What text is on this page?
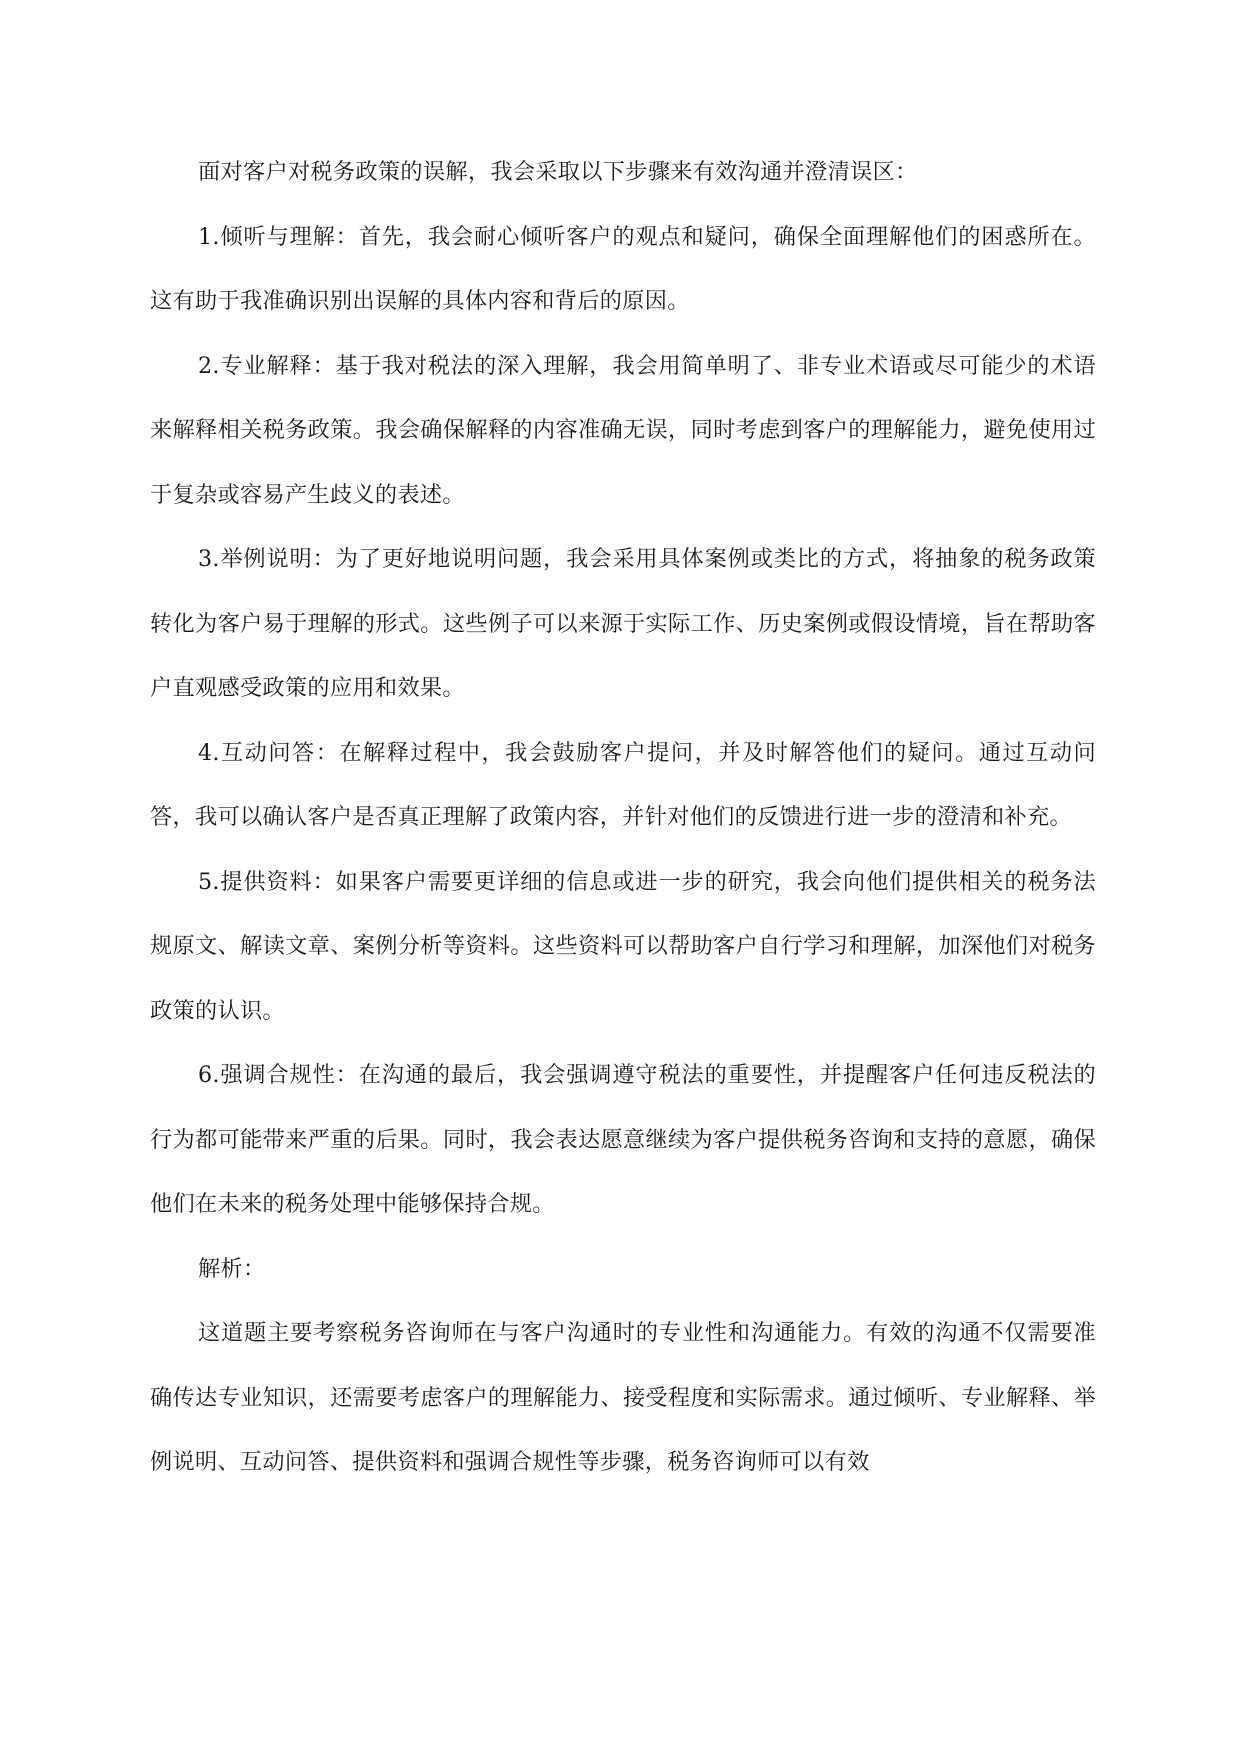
面对客户对税务政策的误解，我会采取以下步骤来有效沟通并澄清误区：

1.倾听与理解：首先，我会耐心倾听客户的观点和疑问，确保全面理解他们的困惑所在。这有助于我准确识别出误解的具体内容和背后的原因。

2.专业解释：基于我对税法的深入理解，我会用简单明了、非专业术语或尽可能少的术语来解释相关税务政策。我会确保解释的内容准确无误，同时考虑到客户的理解能力，避免使用过于复杂或容易产生歧义的表述。

3.举例说明：为了更好地说明问题，我会采用具体案例或类比的方式，将抽象的税务政策转化为客户易于理解的形式。这些例子可以来源于实际工作、历史案例或假设情境，旨在帮助客户直观感受政策的应用和效果。

4.互动问答：在解释过程中，我会鼓励客户提问，并及时解答他们的疑问。通过互动问答，我可以确认客户是否真正理解了政策内容，并针对他们的反馈进行进一步的澄清和补充。

5.提供资料：如果客户需要更详细的信息或进一步的研究，我会向他们提供相关的税务法规原文、解读文章、案例分析等资料。这些资料可以帮助客户自行学习和理解，加深他们对税务政策的认识。

6.强调合规性：在沟通的最后，我会强调遵守税法的重要性，并提醒客户任何违反税法的行为都可能带来严重的后果。同时，我会表达愿意继续为客户提供税务咨询和支持的意愿，确保他们在未来的税务处理中能够保持合规。

解析：

这道题主要考察税务咨询师在与客户沟通时的专业性和沟通能力。有效的沟通不仅需要准确传达专业知识，还需要考虑客户的理解能力、接受程度和实际需求。通过倾听、专业解释、举例说明、互动问答、提供资料和强调合规性等步骤，税务咨询师可以有效
